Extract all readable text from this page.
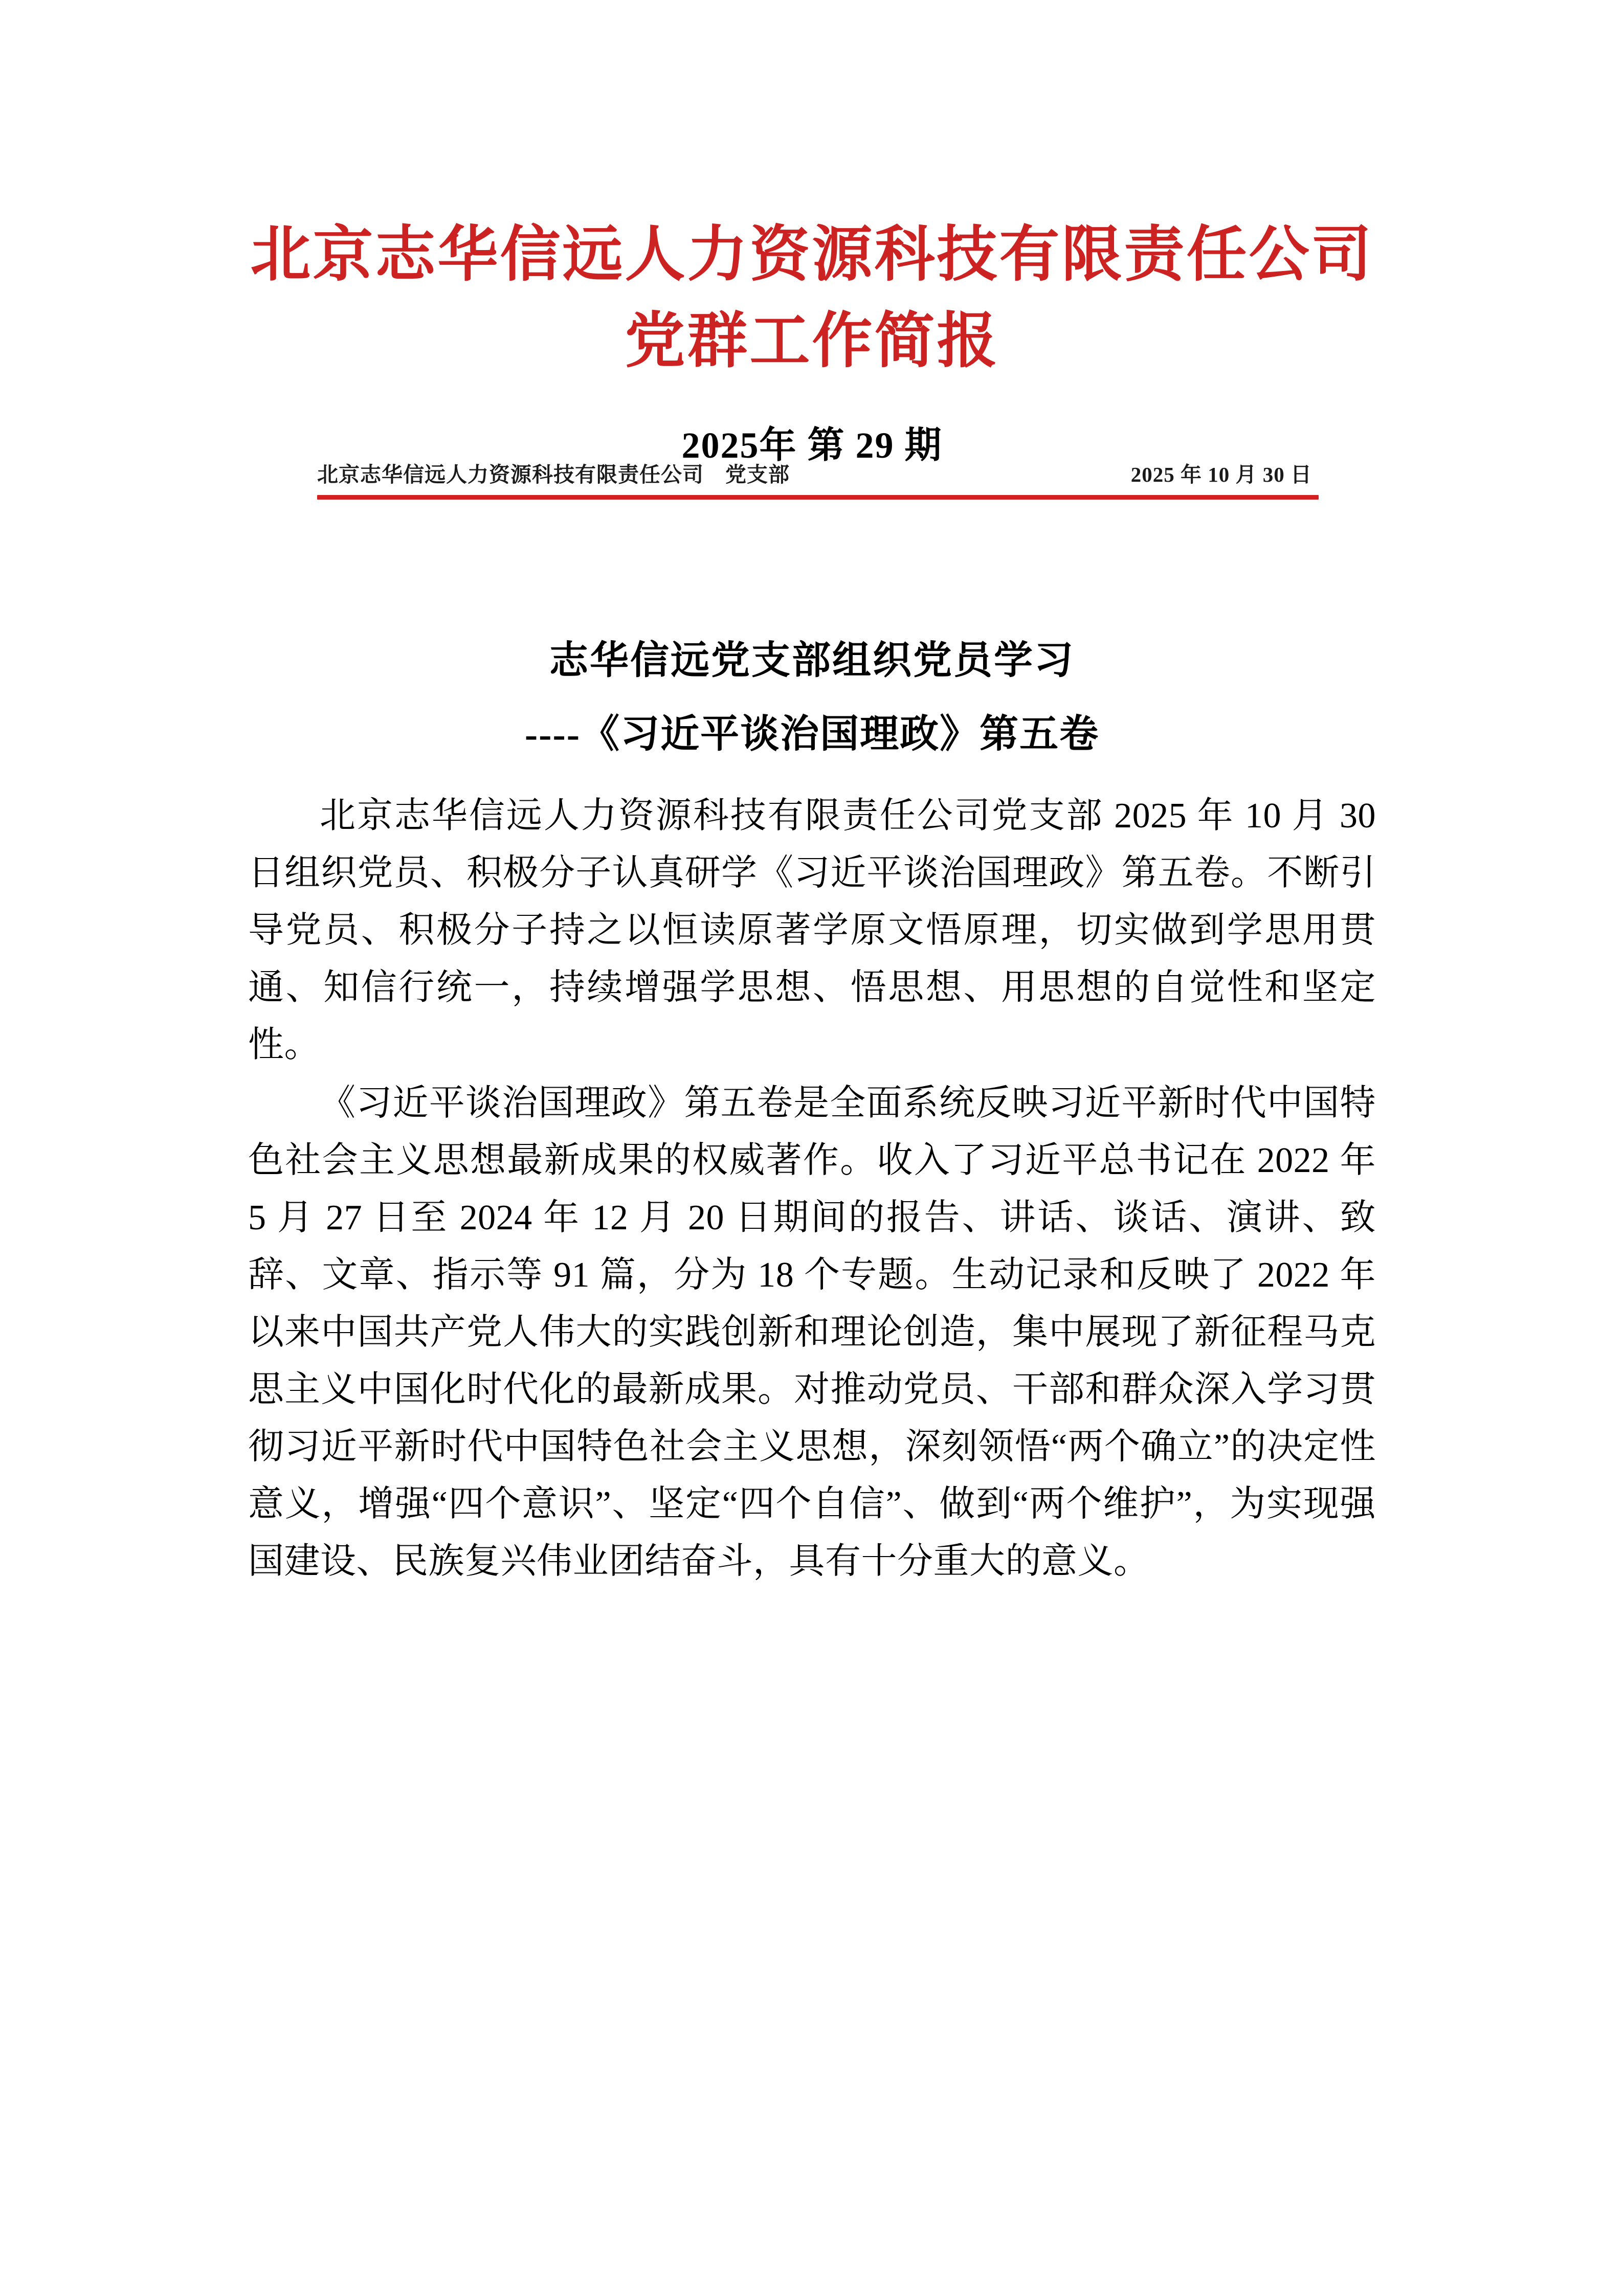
北京志华信远人力资源科技有限责任公司
党群工作简报
2025年 第 29 期
北京志华信远人力资源科技有限责任公司　党支部	2025 年 10 月 30 日
志华信远党支部组织党员学习
----《习近平谈治国理政》第五卷

北京志华信远人力资源科技有限责任公司党支部 2025 年 10 月 30 日组织党员、积极分子认真研学《习近平谈治国理政》第五卷。不断引导党员、积极分子持之以恒读原著学原文悟原理，切实做到学思用贯通、知信行统一，持续增强学思想、悟思想、用思想的自觉性和坚定性。

《习近平谈治国理政》第五卷是全面系统反映习近平新时代中国特色社会主义思想最新成果的权威著作。收入了习近平总书记在 2022 年 5 月 27 日至 2024 年 12 月 20 日期间的报告、讲话、谈话、演讲、致辞、文章、指示等 91 篇，分为 18 个专题。生动记录和反映了 2022 年以来中国共产党人伟大的实践创新和理论创造，集中展现了新征程马克思主义中国化时代化的最新成果。对推动党员、干部和群众深入学习贯彻习近平新时代中国特色社会主义思想，深刻领悟“两个确立”的决定性意义，增强“四个意识”、坚定“四个自信”、做到“两个维护”，为实现强国建设、民族复兴伟业团结奋斗，具有十分重大的意义。
